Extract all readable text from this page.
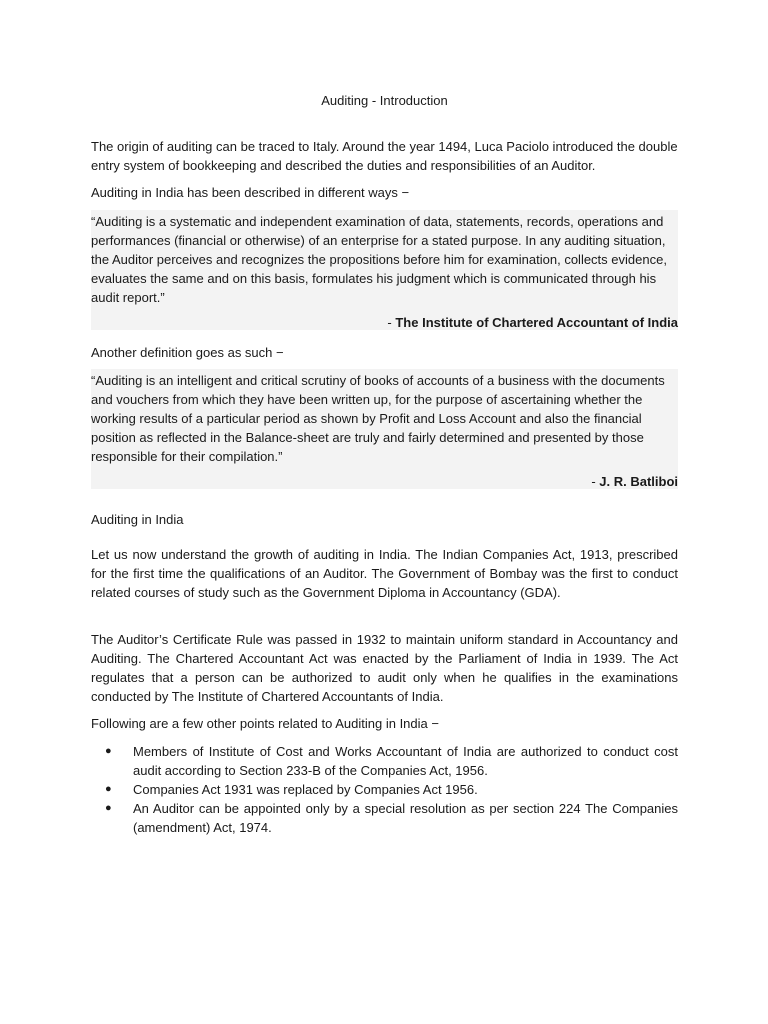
Auditing - Introduction

The origin of auditing can be traced to Italy. Around the year 1494, Luca Paciolo introduced the double entry system of bookkeeping and described the duties and responsibilities of an Auditor.

Auditing in India has been described in different ways −

“Auditing is a systematic and independent examination of data, statements, records, operations and performances (financial or otherwise) of an enterprise for a stated purpose. In any auditing situation, the Auditor perceives and recognizes the propositions before him for examination, collects evidence, evaluates the same and on this basis, formulates his judgment which is communicated through his audit report.”

- The Institute of Chartered Accountant of India

Another definition goes as such −

“Auditing is an intelligent and critical scrutiny of books of accounts of a business with the documents and vouchers from which they have been written up, for the purpose of ascertaining whether the working results of a particular period as shown by Profit and Loss Account and also the financial position as reflected in the Balance-sheet are truly and fairly determined and presented by those responsible for their compilation.”

- J. R. Batliboi

Auditing in India

Let us now understand the growth of auditing in India. The Indian Companies Act, 1913, prescribed for the first time the qualifications of an Auditor. The Government of Bombay was the first to conduct related courses of study such as the Government Diploma in Accountancy (GDA).

The Auditor’s Certificate Rule was passed in 1932 to maintain uniform standard in Accountancy and Auditing. The Chartered Accountant Act was enacted by the Parliament of India in 1939. The Act regulates that a person can be authorized to audit only when he qualifies in the examinations conducted by The Institute of Chartered Accountants of India.

Following are a few other points related to Auditing in India −

● Members of Institute of Cost and Works Accountant of India are authorized to conduct cost audit according to Section 233-B of the Companies Act, 1956.
● Companies Act 1931 was replaced by Companies Act 1956.
● An Auditor can be appointed only by a special resolution as per section 224 The Companies (amendment) Act, 1974.
